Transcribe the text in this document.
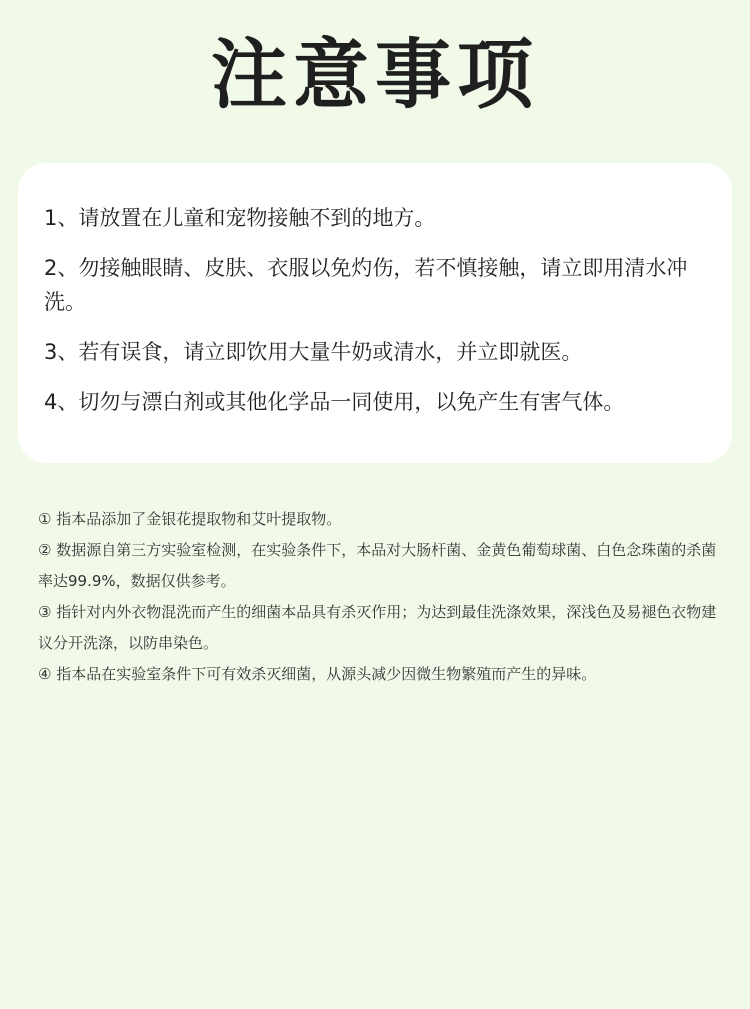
注意事项

1、请放置在儿童和宠物接触不到的地方。

2、勿接触眼睛、皮肤、衣服以免灼伤，若不慎接触，请立即用清水冲洗。

3、若有误食，请立即饮用大量牛奶或清水，并立即就医。

4、切勿与漂白剂或其他化学品一同使用，以免产生有害气体。

① 指本品添加了金银花提取物和艾叶提取物。

② 数据源自第三方实验室检测，在实验条件下，本品对大肠杆菌、金黄色葡萄球菌、白色念珠菌的杀菌率达99.9%，数据仅供参考。

③ 指针对内外衣物混洗而产生的细菌本品具有杀灭作用；为达到最佳洗涤效果，深浅色及易褪色衣物建议分开洗涤，以防串染色。

④ 指本品在实验室条件下可有效杀灭细菌，从源头减少因微生物繁殖而产生的异味。
